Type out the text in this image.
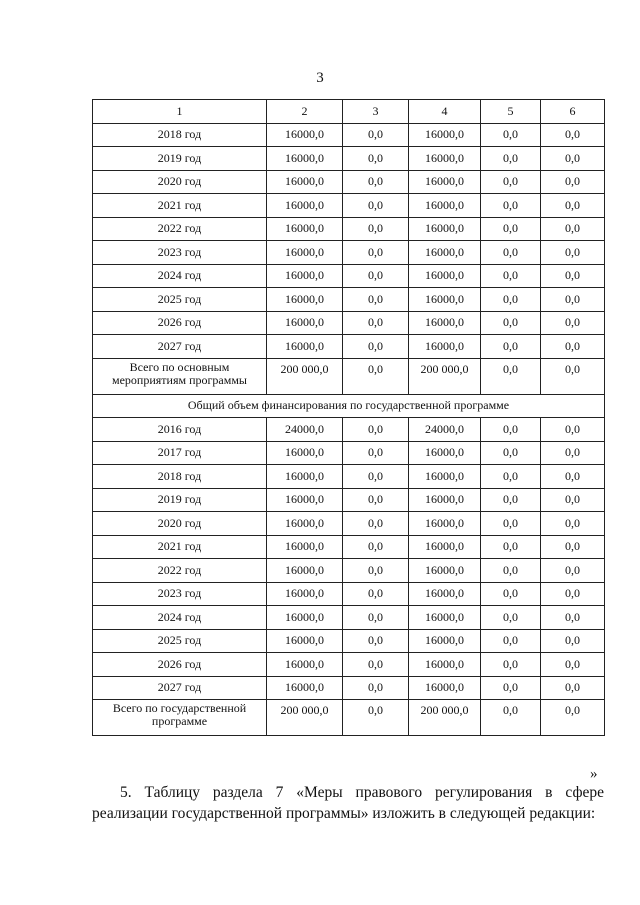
3
1	2	3	4	5	6
2018 год	16000,0	0,0	16000,0	0,0	0,0
2019 год	16000,0	0,0	16000,0	0,0	0,0
2020 год	16000,0	0,0	16000,0	0,0	0,0
2021 год	16000,0	0,0	16000,0	0,0	0,0
2022 год	16000,0	0,0	16000,0	0,0	0,0
2023 год	16000,0	0,0	16000,0	0,0	0,0
2024 год	16000,0	0,0	16000,0	0,0	0,0
2025 год	16000,0	0,0	16000,0	0,0	0,0
2026 год	16000,0	0,0	16000,0	0,0	0,0
2027 год	16000,0	0,0	16000,0	0,0	0,0
Всего по основным мероприятиям программы	200 000,0	0,0	200 000,0	0,0	0,0
Общий объем финансирования по государственной программе					
2016 год	24000,0	0,0	24000,0	0,0	0,0
2017 год	16000,0	0,0	16000,0	0,0	0,0
2018 год	16000,0	0,0	16000,0	0,0	0,0
2019 год	16000,0	0,0	16000,0	0,0	0,0
2020 год	16000,0	0,0	16000,0	0,0	0,0
2021 год	16000,0	0,0	16000,0	0,0	0,0
2022 год	16000,0	0,0	16000,0	0,0	0,0
2023 год	16000,0	0,0	16000,0	0,0	0,0
2024 год	16000,0	0,0	16000,0	0,0	0,0
2025 год	16000,0	0,0	16000,0	0,0	0,0
2026 год	16000,0	0,0	16000,0	0,0	0,0
2027 год	16000,0	0,0	16000,0	0,0	0,0
Всего по государственной программе	200 000,0	0,0	200 000,0	0,0	0,0
»

5. Таблицу раздела 7 «Меры правового регулирования в сфере реализации государственной программы» изложить в следующей редакции:
